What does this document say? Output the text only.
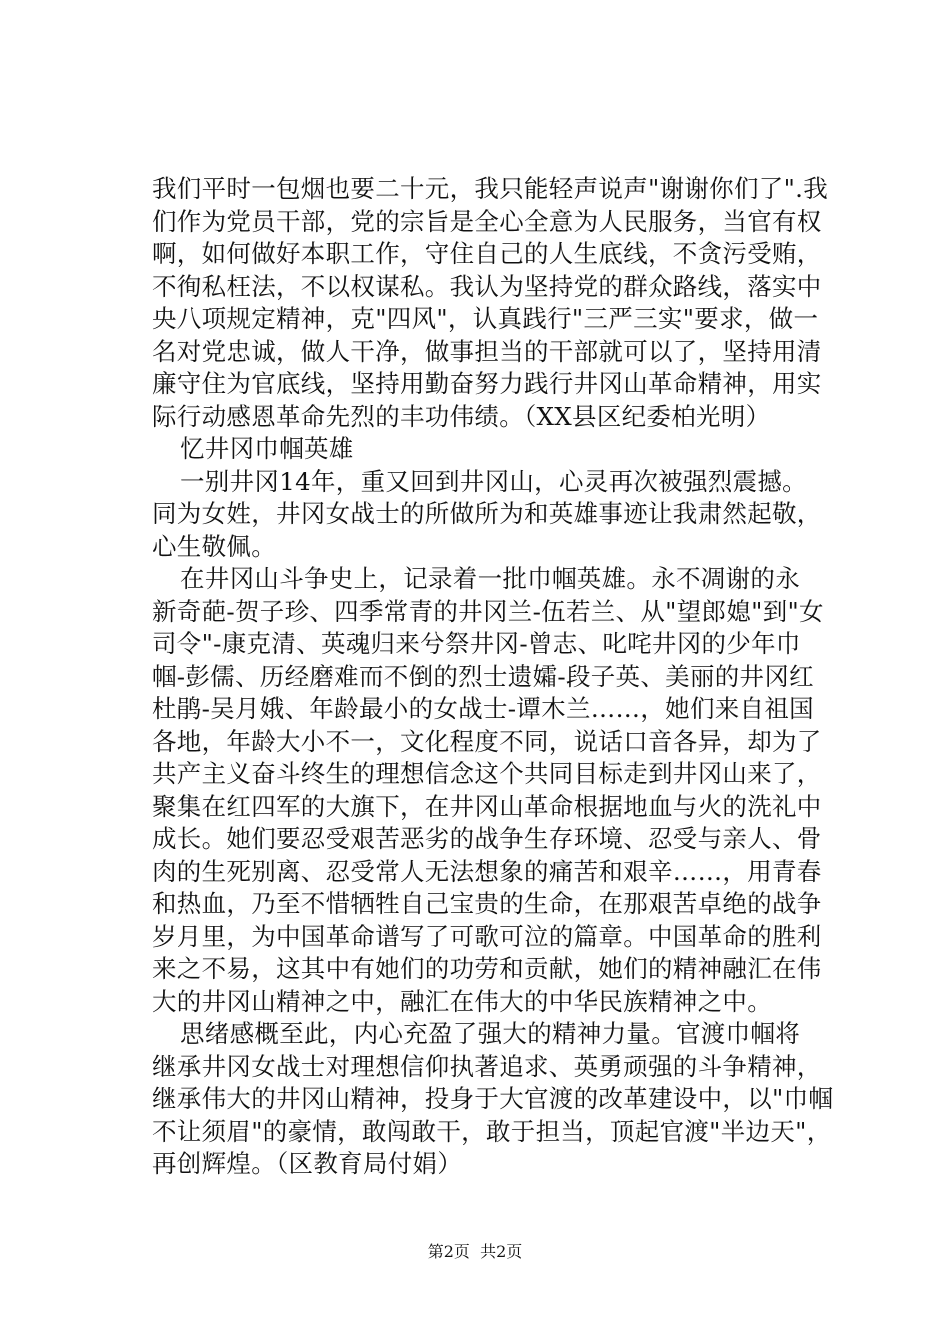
我们平时一包烟也要二十元，我只能轻声说声"谢谢你们了".我
们作为党员干部，党的宗旨是全心全意为人民服务，当官有权
啊，如何做好本职工作，守住自己的人生底线，不贪污受贿，
不徇私枉法，不以权谋私。我认为坚持党的群众路线，落实中
央八项规定精神，克"四风"，认真践行"三严三实"要求，做一
名对党忠诚，做人干净，做事担当的干部就可以了，坚持用清
廉守住为官底线，坚持用勤奋努力践行井冈山革命精神，用实
际行动感恩革命先烈的丰功伟绩。（XX县区纪委柏光明）
忆井冈巾帼英雄
一别井冈14年，重又回到井冈山，心灵再次被强烈震撼。
同为女姓，井冈女战士的所做所为和英雄事迹让我肃然起敬，
心生敬佩。
在井冈山斗争史上，记录着一批巾帼英雄。永不凋谢的永
新奇葩-贺子珍、四季常青的井冈兰-伍若兰、从"望郎媳"到"女
司令"-康克清、英魂归来兮祭井冈-曾志、叱咤井冈的少年巾
帼-彭儒、历经磨难而不倒的烈士遗孀-段子英、美丽的井冈红
杜鹃-吴月娥、年龄最小的女战士-谭木兰……，她们来自祖国
各地，年龄大小不一，文化程度不同，说话口音各异，却为了
共产主义奋斗终生的理想信念这个共同目标走到井冈山来了，
聚集在红四军的大旗下，在井冈山革命根据地血与火的洗礼中
成长。她们要忍受艰苦恶劣的战争生存环境、忍受与亲人、骨
肉的生死别离、忍受常人无法想象的痛苦和艰辛……，用青春
和热血，乃至不惜牺牲自己宝贵的生命，在那艰苦卓绝的战争
岁月里，为中国革命谱写了可歌可泣的篇章。中国革命的胜利
来之不易，这其中有她们的功劳和贡献，她们的精神融汇在伟
大的井冈山精神之中，融汇在伟大的中华民族精神之中。
思绪感概至此，内心充盈了强大的精神力量。官渡巾帼将
继承井冈女战士对理想信仰执著追求、英勇顽强的斗争精神，
继承伟大的井冈山精神，投身于大官渡的改革建设中，以"巾帼
不让须眉"的豪情，敢闯敢干，敢于担当，顶起官渡"半边天"，
再创辉煌。（区教育局付娟）
第2页 共2页
